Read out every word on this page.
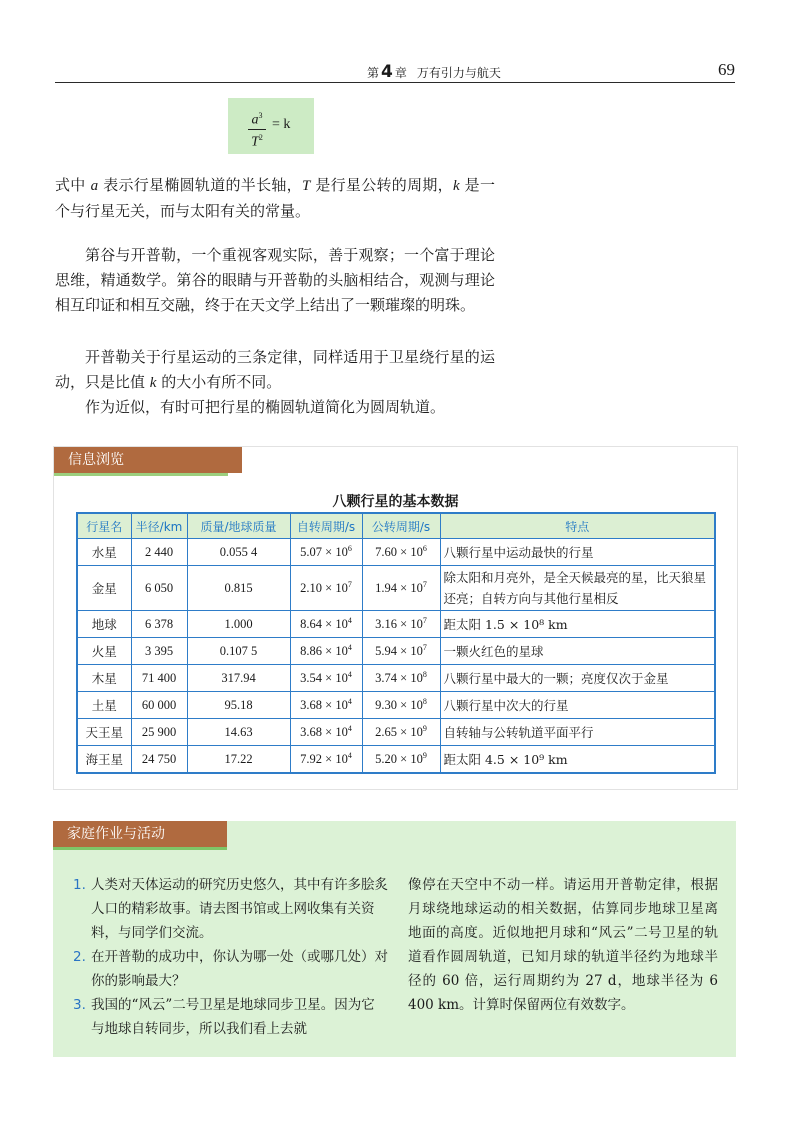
第 4 章 万有引力与航天	69
$\frac{a^3}{T^2} = k$

式中 a 表示行星椭圆轨道的半长轴，T 是行星公转的周期，k 是一个与行星无关，而与太阳有关的常量。

第谷与开普勒，一个重视客观实际，善于观察；一个富于理论思维，精通数学。第谷的眼睛与开普勒的头脑相结合，观测与理论相互印证和相互交融，终于在天文学上结出了一颗璀璨的明珠。

开普勒关于行星运动的三条定律，同样适用于卫星绕行星的运动，只是比值 k 的大小有所不同。

作为近似，有时可把行星的椭圆轨道简化为圆周轨道。

信息浏览
八颗行星的基本数据
行星名	半径/km	质量/地球质量	自转周期/s	公转周期/s	特点
水星	2 440	0.055 4	$5.07 \times 10^6$	$7.60 \times 10^6$	八颗行星中运动最快的行星
金星	6 050	0.815	$2.10 \times 10^7$	$1.94 \times 10^7$	除太阳和月亮外，是全天候最亮的星，比天狼星还亮；自转方向与其他行星相反
地球	6 378	1.000	$8.64 \times 10^4$	$3.16 \times 10^7$	距太阳 1.5 × 10⁸ km
火星	3 395	0.107 5	$8.86 \times 10^4$	$5.94 \times 10^7$	一颗火红色的星球
木星	71 400	317.94	$3.54 \times 10^4$	$3.74 \times 10^8$	八颗行星中最大的一颗；亮度仅次于金星
土星	60 000	95.18	$3.68 \times 10^4$	$9.30 \times 10^8$	八颗行星中次大的行星
天王星	25 900	14.63	$3.68 \times 10^4$	$2.65 \times 10^9$	自转轴与公转轨道平面平行
海王星	24 750	17.22	$7.92 \times 10^4$	$5.20 \times 10^9$	距太阳 4.5 × 10⁹ km
家庭作业与活动
1. 人类对天体运动的研究历史悠久，其中有许多脍炙人口的精彩故事。请去图书馆或上网收集有关资料，与同学们交流。
2. 在开普勒的成功中，你认为哪一处（或哪几处）对你的影响最大？
3. 我国的“风云”二号卫星是地球同步卫星。因为它与地球自转同步，所以我们看上去就

像停在天空中不动一样。请运用开普勒定律，根据月球绕地球运动的相关数据，估算同步地球卫星离地面的高度。近似地把月球和“风云”二号卫星的轨道看作圆周轨道，已知月球的轨道半径约为地球半径的 60 倍，运行周期约为 27 d，地球半径为 6 400 km。计算时保留两位有效数字。
